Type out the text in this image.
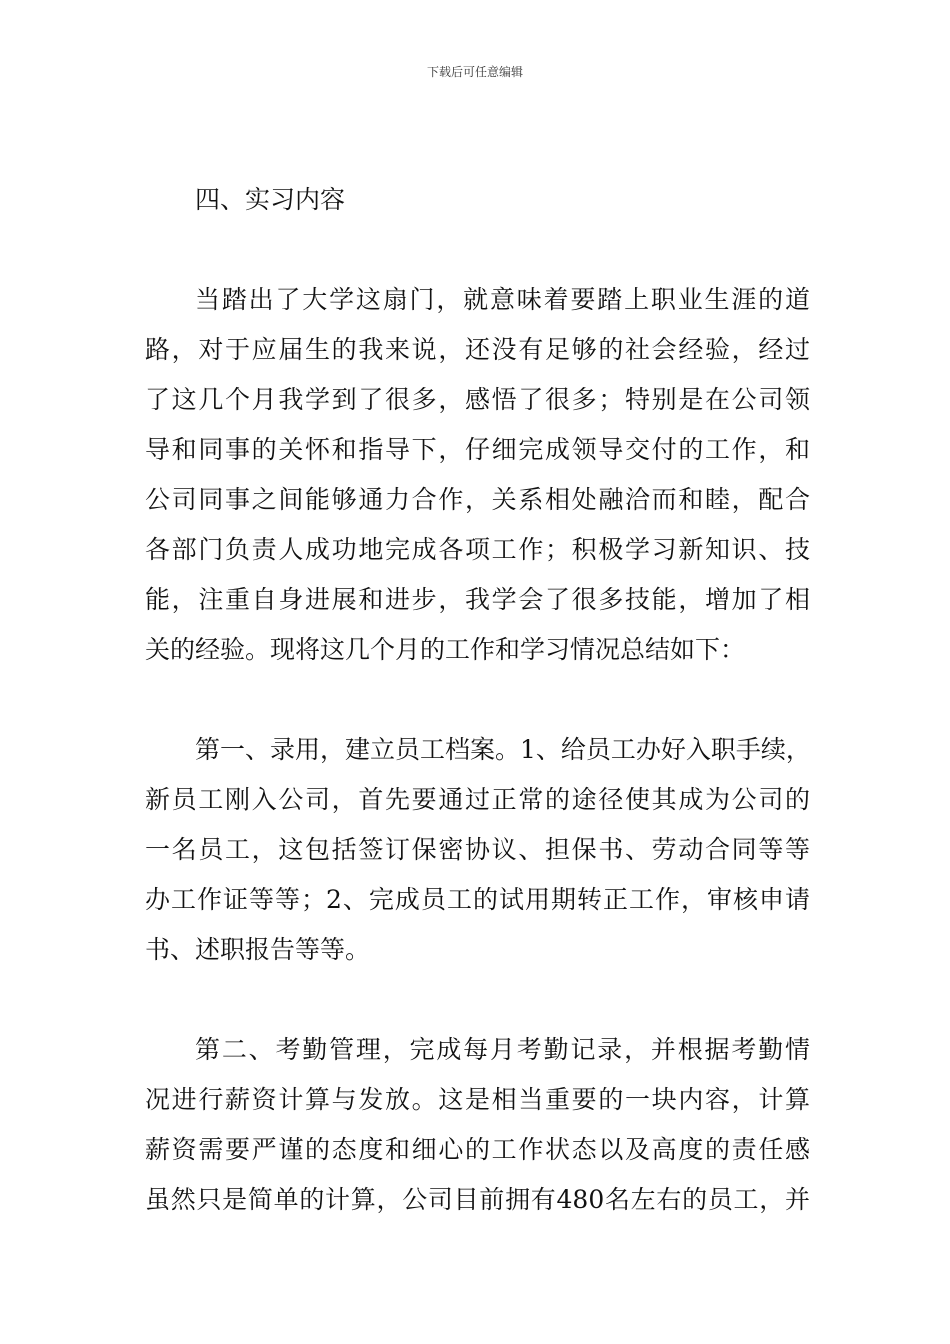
下载后可任意编辑
四、实习内容

当踏出了大学这扇门，就意味着要踏上职业生涯的道
路，对于应届生的我来说，还没有足够的社会经验，经过
了这几个月我学到了很多，感悟了很多；特别是在公司领
导和同事的关怀和指导下，仔细完成领导交付的工作，和
公司同事之间能够通力合作，关系相处融洽而和睦，配合
各部门负责人成功地完成各项工作；积极学习新知识、技
能，注重自身进展和进步，我学会了很多技能，增加了相
关的经验。现将这几个月的工作和学习情况总结如下：

第一、录用，建立员工档案。1、给员工办好入职手续，
新员工刚入公司，首先要通过正常的途径使其成为公司的
一名员工，这包括签订保密协议、担保书、劳动合同等等
办工作证等等；2、完成员工的试用期转正工作，审核申请
书、述职报告等等。

第二、考勤管理，完成每月考勤记录，并根据考勤情
况进行薪资计算与发放。这是相当重要的一块内容，计算
薪资需要严谨的态度和细心的工作状态以及高度的责任感
虽然只是简单的计算，公司目前拥有480名左右的员工，并
